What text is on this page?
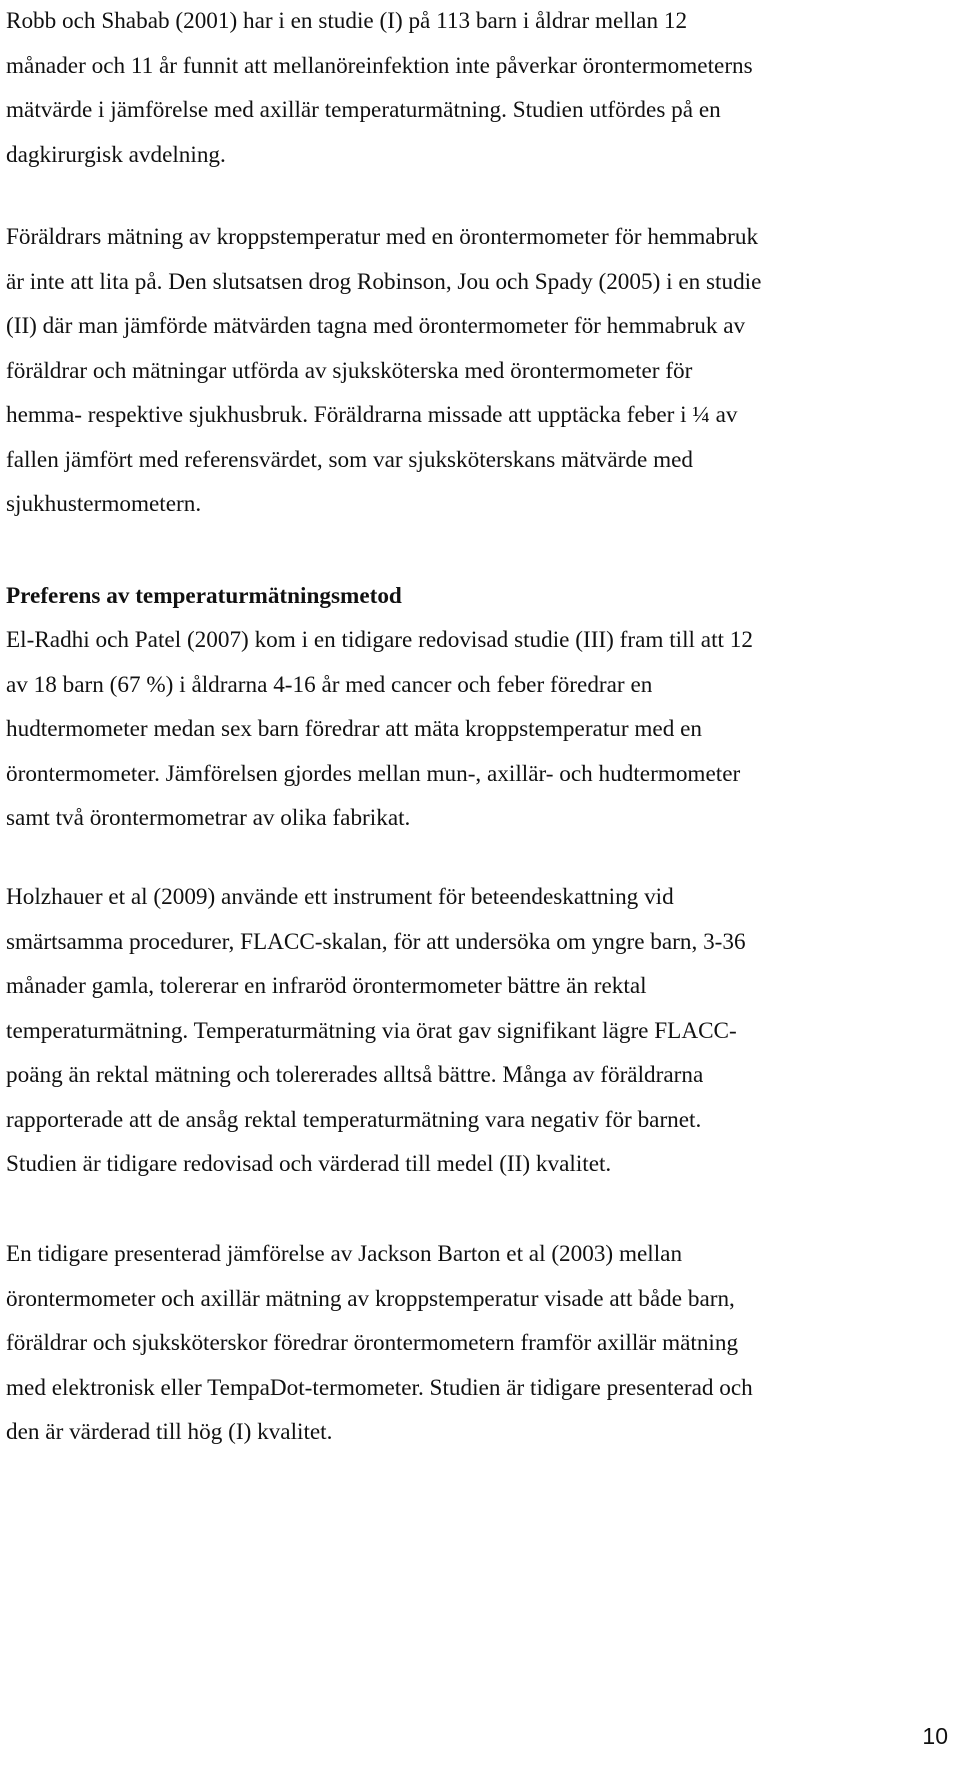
Robb och Shabab (2001) har i en studie (I) på 113 barn i åldrar mellan 12
månader och 11 år funnit att mellanöreinfektion inte påverkar örontermometerns
mätvärde i jämförelse med axillär temperaturmätning. Studien utfördes på en
dagkirurgisk avdelning.

Föräldrars mätning av kroppstemperatur med en örontermometer för hemmabruk
är inte att lita på. Den slutsatsen drog Robinson, Jou och Spady (2005) i en studie
(II) där man jämförde mätvärden tagna med örontermometer för hemmabruk av
föräldrar och mätningar utförda av sjuksköterska med örontermometer för
hemma- respektive sjukhusbruk. Föräldrarna missade att upptäcka feber i ¼ av
fallen jämfört med referensvärdet, som var sjuksköterskans mätvärde med
sjukhustermometern.

Preferens av temperaturmätningsmetod

El-Radhi och Patel (2007) kom i en tidigare redovisad studie (III) fram till att 12
av 18 barn (67 %) i åldrarna 4-16 år med cancer och feber föredrar en
hudtermometer medan sex barn föredrar att mäta kroppstemperatur med en
örontermometer. Jämförelsen gjordes mellan mun-, axillär- och hudtermometer
samt två örontermometrar av olika fabrikat.

Holzhauer et al (2009) använde ett instrument för beteendeskattning vid
smärtsamma procedurer, FLACC-skalan, för att undersöka om yngre barn, 3-36
månader gamla, tolererar en infraröd örontermometer bättre än rektal
temperaturmätning. Temperaturmätning via örat gav signifikant lägre FLACC-
poäng än rektal mätning och tolererades alltså bättre. Många av föräldrarna
rapporterade att de ansåg rektal temperaturmätning vara negativ för barnet.
Studien är tidigare redovisad och värderad till medel (II) kvalitet.

En tidigare presenterad jämförelse av Jackson Barton et al (2003) mellan
örontermometer och axillär mätning av kroppstemperatur visade att både barn,
föräldrar och sjuksköterskor föredrar örontermometern framför axillär mätning
med elektronisk eller TempaDot-termometer. Studien är tidigare presenterad och
den är värderad till hög (I) kvalitet.

10
